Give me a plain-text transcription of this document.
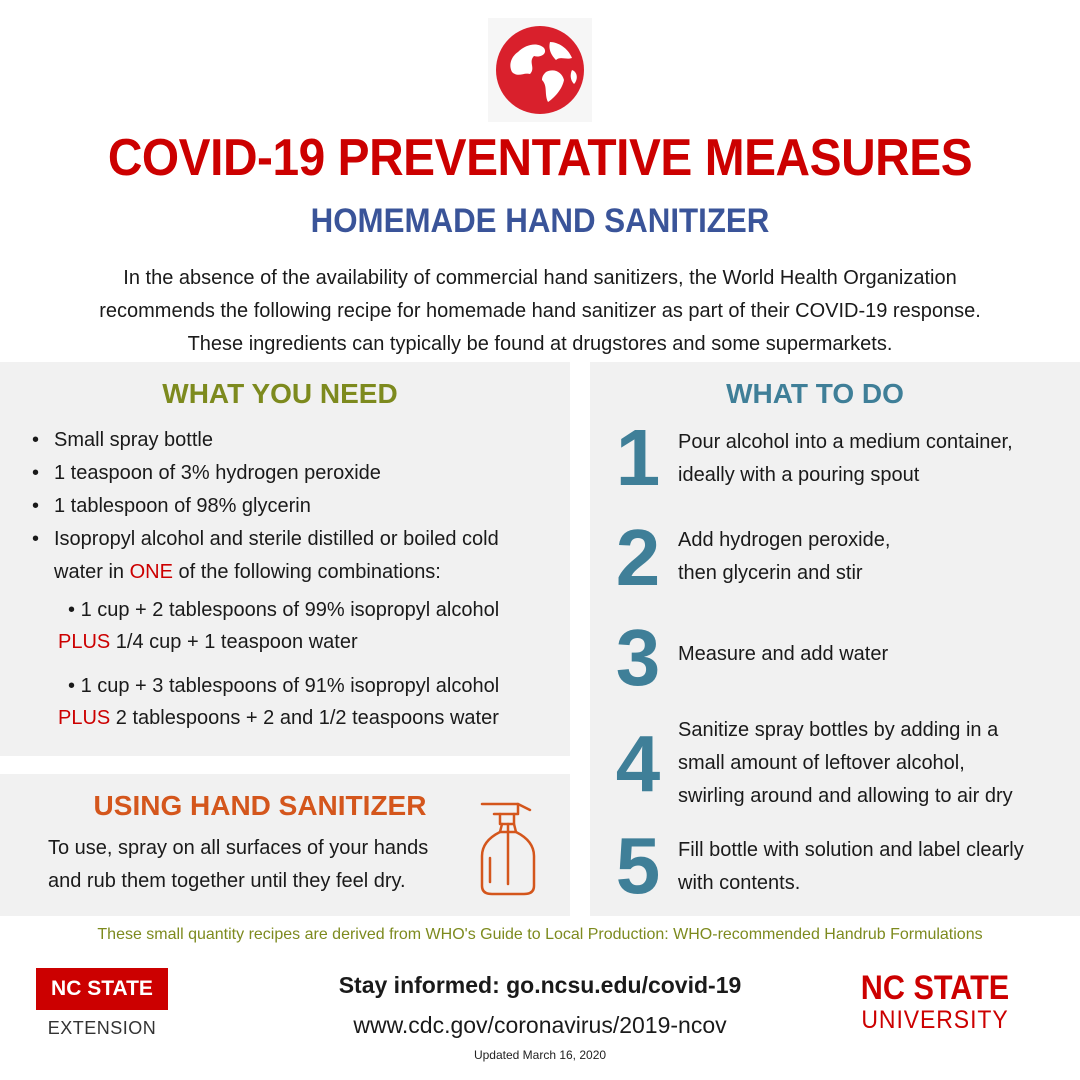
COVID-19 PREVENTATIVE MEASURES
HOMEMADE HAND SANITIZER
In the absence of the availability of commercial hand sanitizers, the World Health Organization
recommends the following recipe for homemade hand sanitizer as part of their COVID-19 response.
These ingredients can typically be found at drugstores and some supermarkets.
WHAT YOU NEED
• Small spray bottle
• 1 teaspoon of 3% hydrogen peroxide
• 1 tablespoon of 98% glycerin
• Isopropyl alcohol and sterile distilled or boiled cold
water in ONE of the following combinations:
• 1 cup + 2 tablespoons of 99% isopropyl alcohol
PLUS 1/4 cup + 1 teaspoon water
• 1 cup + 3 tablespoons of 91% isopropyl alcohol
PLUS 2 tablespoons + 2 and 1/2 teaspoons water
USING HAND SANITIZER
To use, spray on all surfaces of your hands
and rub them together until they feel dry.
WHAT TO DO
1 Pour alcohol into a medium container,
ideally with a pouring spout
2 Add hydrogen peroxide,
then glycerin and stir
3 Measure and add water
4 Sanitize spray bottles by adding in a
small amount of leftover alcohol,
swirling around and allowing to air dry
5 Fill bottle with solution and label clearly
with contents.
These small quantity recipes are derived from WHO's Guide to Local Production: WHO-recommended Handrub Formulations
NC STATE
EXTENSION
Stay informed: go.ncsu.edu/covid-19
www.cdc.gov/coronavirus/2019-ncov
Updated March 16, 2020
NC STATE
UNIVERSITY
